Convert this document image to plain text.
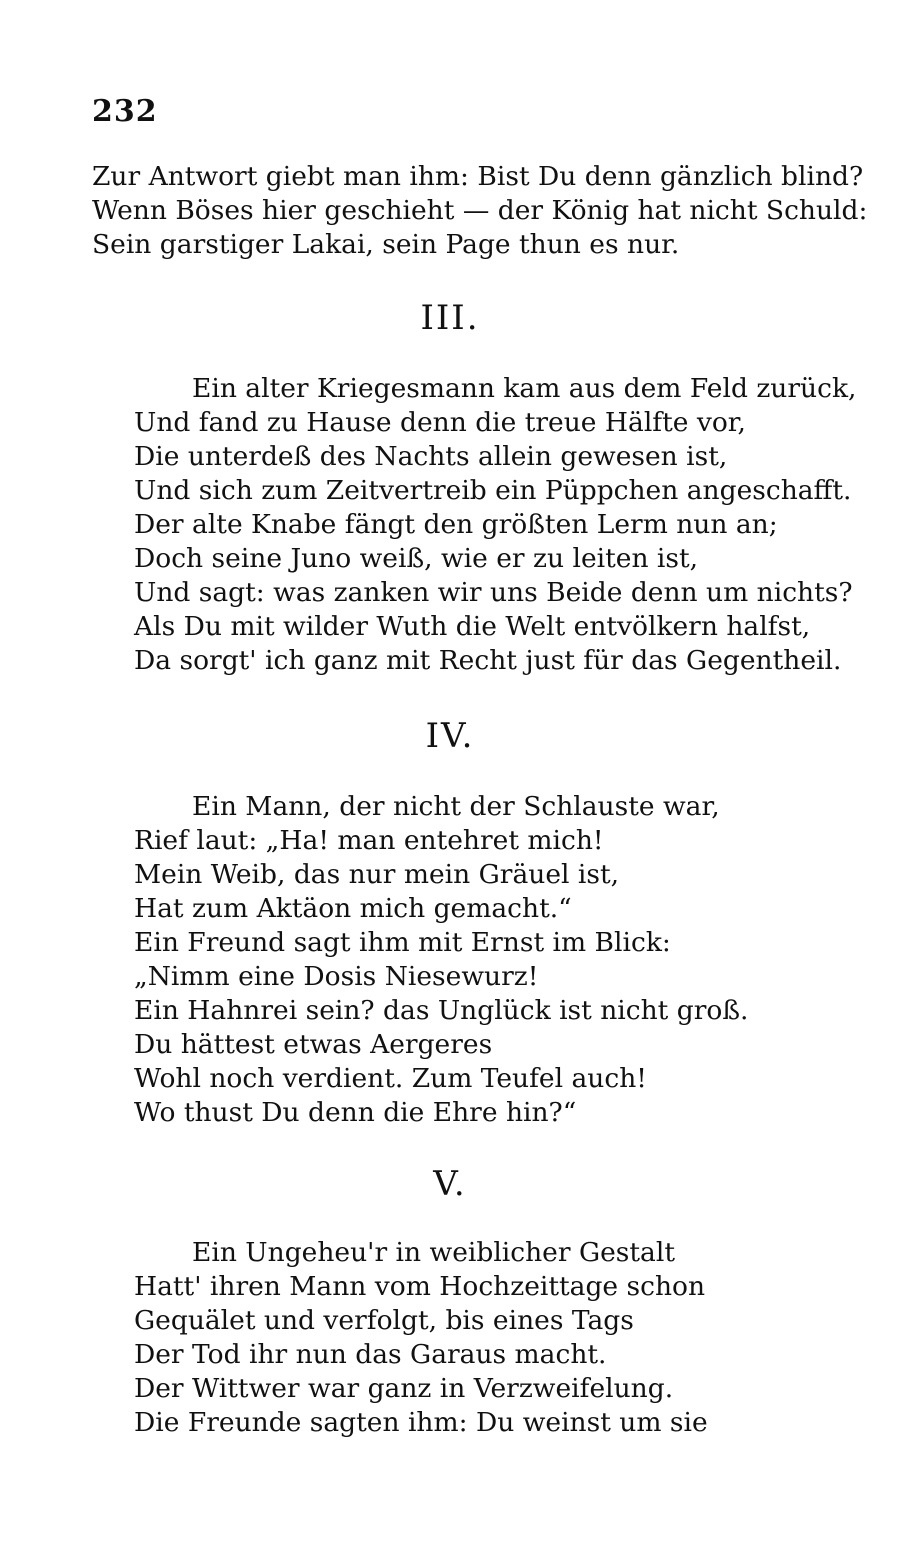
232
Zur Antwort giebt man ihm: Bist Du denn gänzlich blind?
Wenn Böses hier geschieht — der König hat nicht Schuld:
Sein garstiger Lakai, sein Page thun es nur.
III.
Ein alter Kriegesmann kam aus dem Feld zurück,
Und fand zu Hause denn die treue Hälfte vor,
Die unterdeß des Nachts allein gewesen ist,
Und sich zum Zeitvertreib ein Püppchen angeschafft.
Der alte Knabe fängt den größten Lerm nun an;
Doch seine Juno weiß, wie er zu leiten ist,
Und sagt: was zanken wir uns Beide denn um nichts?
Als Du mit wilder Wuth die Welt entvölkern halfst,
Da sorgt' ich ganz mit Recht just für das Gegentheil.
IV.
Ein Mann, der nicht der Schlauste war,
Rief laut: „Ha! man entehret mich!
Mein Weib, das nur mein Gräuel ist,
Hat zum Aktäon mich gemacht.“
Ein Freund sagt ihm mit Ernst im Blick:
„Nimm eine Dosis Niesewurz!
Ein Hahnrei sein? das Unglück ist nicht groß.
Du hättest etwas Aergeres
Wohl noch verdient. Zum Teufel auch!
Wo thust Du denn die Ehre hin?“
V.
Ein Ungeheu'r in weiblicher Gestalt
Hatt' ihren Mann vom Hochzeittage schon
Gequälet und verfolgt, bis eines Tags
Der Tod ihr nun das Garaus macht.
Der Wittwer war ganz in Verzweifelung.
Die Freunde sagten ihm: Du weinst um sie
